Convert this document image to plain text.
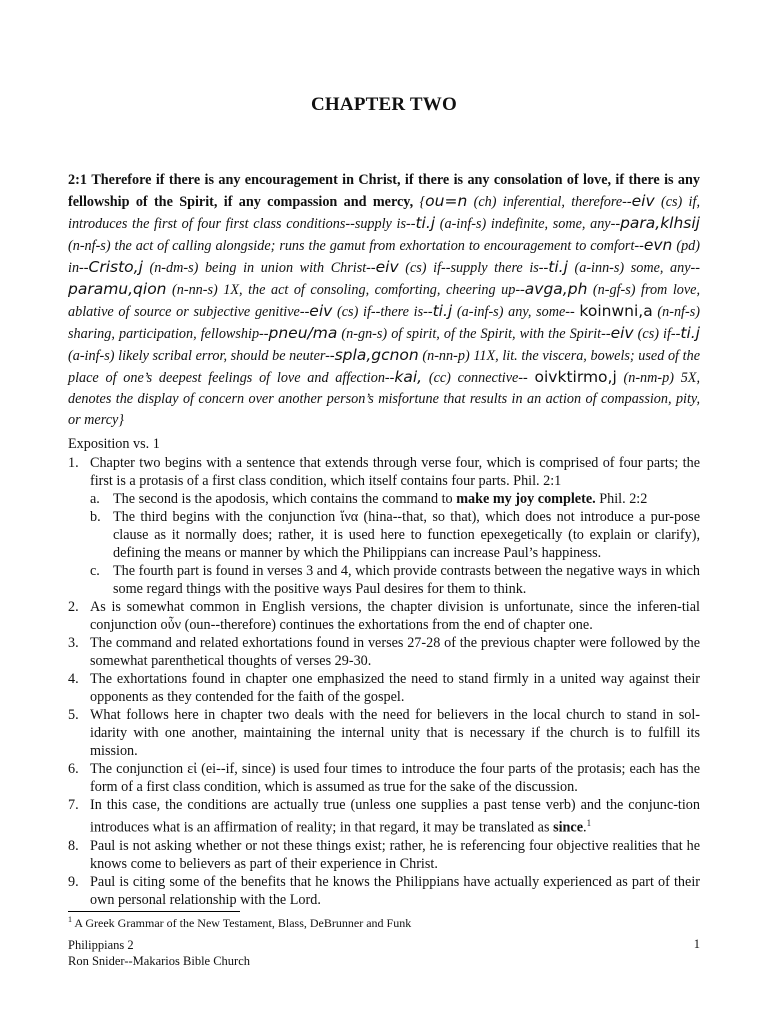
CHAPTER TWO
2:1 Therefore if there is any encouragement in Christ, if there is any consolation of love, if there is any fellowship of the Spirit, if any compassion and mercy, {ou=n (ch) inferential, therefore--eiv (cs) if, introduces the first of four first class conditions--supply is--ti.j (a-inf-s) indefinite, some, any--para,klhsij (n-nf-s) the act of calling alongside; runs the gamut from exhortation to encouragement to comfort--evn (pd) in--Cristo,j (n-dm-s) being in union with Christ--eiv (cs) if--supply there is--ti.j (a-inn-s) some, any--paramu,qion (n-nn-s) 1X, the act of consoling, comforting, cheering up--avga,ph (n-gf-s) from love, ablative of source or subjective genitive--eiv (cs) if--there is--ti.j (a-inf-s) any, some-- koinwni,a (n-nf-s) sharing, participation, fellowship--pneu/ma (n-gn-s) of spirit, of the Spirit, with the Spirit--eiv (cs) if--ti.j (a-inf-s) likely scribal error, should be neuter--spla,gcnon (n-nn-p) 11X, lit. the viscera, bowels; used of the place of one’s deepest feelings of love and affection--kai, (cc) connective-- oivktirmo,j (n-nm-p) 5X, denotes the display of concern over another person’s misfortune that results in an action of compassion, pity, or mercy}
Exposition vs. 1
1. Chapter two begins with a sentence that extends through verse four, which is comprised of four parts; the first is a protasis of a first class condition, which itself contains four parts. Phil. 2:1
a. The second is the apodosis, which contains the command to make my joy complete. Phil. 2:2
b. The third begins with the conjunction ἵνα (hina--that, so that), which does not introduce a pur-pose clause as it normally does; rather, it is used here to function epexegetically (to explain or clarify), defining the means or manner by which the Philippians can increase Paul’s happiness.
c. The fourth part is found in verses 3 and 4, which provide contrasts between the negative ways in which some regard things with the positive ways Paul desires for them to think.
2. As is somewhat common in English versions, the chapter division is unfortunate, since the inferen-tial conjunction οὖν (oun--therefore) continues the exhortations from the end of chapter one.
3. The command and related exhortations found in verses 27-28 of the previous chapter were followed by the somewhat parenthetical thoughts of verses 29-30.
4. The exhortations found in chapter one emphasized the need to stand firmly in a united way against their opponents as they contended for the faith of the gospel.
5. What follows here in chapter two deals with the need for believers in the local church to stand in sol-idarity with one another, maintaining the internal unity that is necessary if the church is to fulfill its mission.
6. The conjunction εἰ (ei--if, since) is used four times to introduce the four parts of the protasis; each has the form of a first class condition, which is assumed as true for the sake of the discussion.
7. In this case, the conditions are actually true (unless one supplies a past tense verb) and the conjunc-tion introduces what is an affirmation of reality; in that regard, it may be translated as since.$^1$
8. Paul is not asking whether or not these things exist; rather, he is referencing four objective realities that he knows come to believers as part of their experience in Christ.
9. Paul is citing some of the benefits that he knows the Philippians have actually experienced as part of their own personal relationship with the Lord.
$^1$ A Greek Grammar of the New Testament, Blass, DeBrunner and Funk
Philippians 2
Ron Snider--Makarios Bible Church
1
